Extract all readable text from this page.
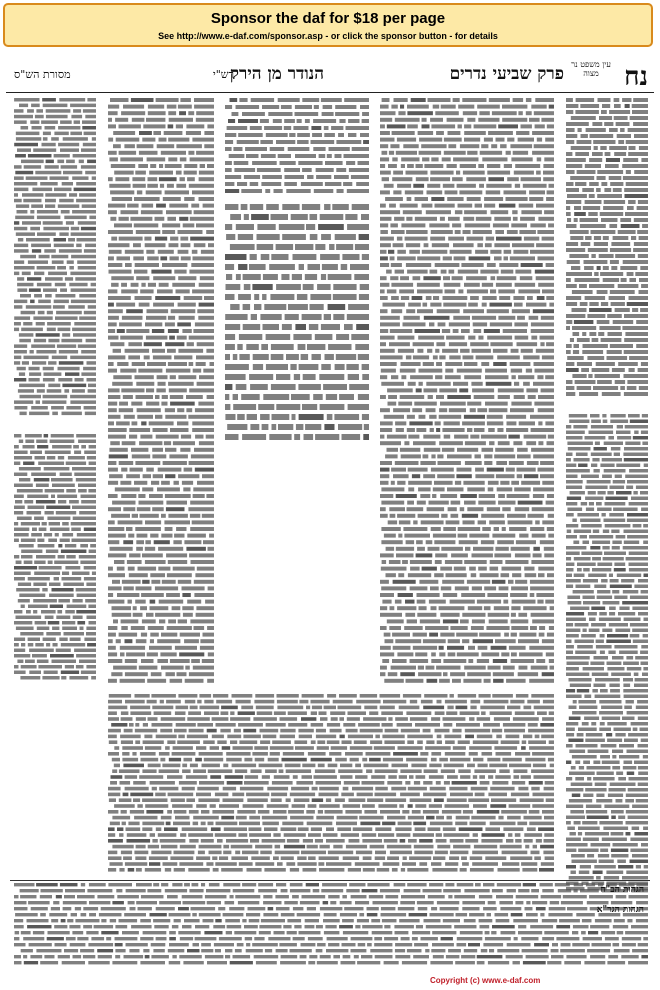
Sponsor the daf for $18 per page
See http://www.e-daf.com/sponsor.asp - or click the sponsor button - for details
נח
עין משפט נר מצוה
פרק שביעי נדרים
הנודר מן הירק
רש"י
מסורת הש"ס
הגהות הב"ח
הגהות הגר"א
Copyright (c) www.e-daf.com
